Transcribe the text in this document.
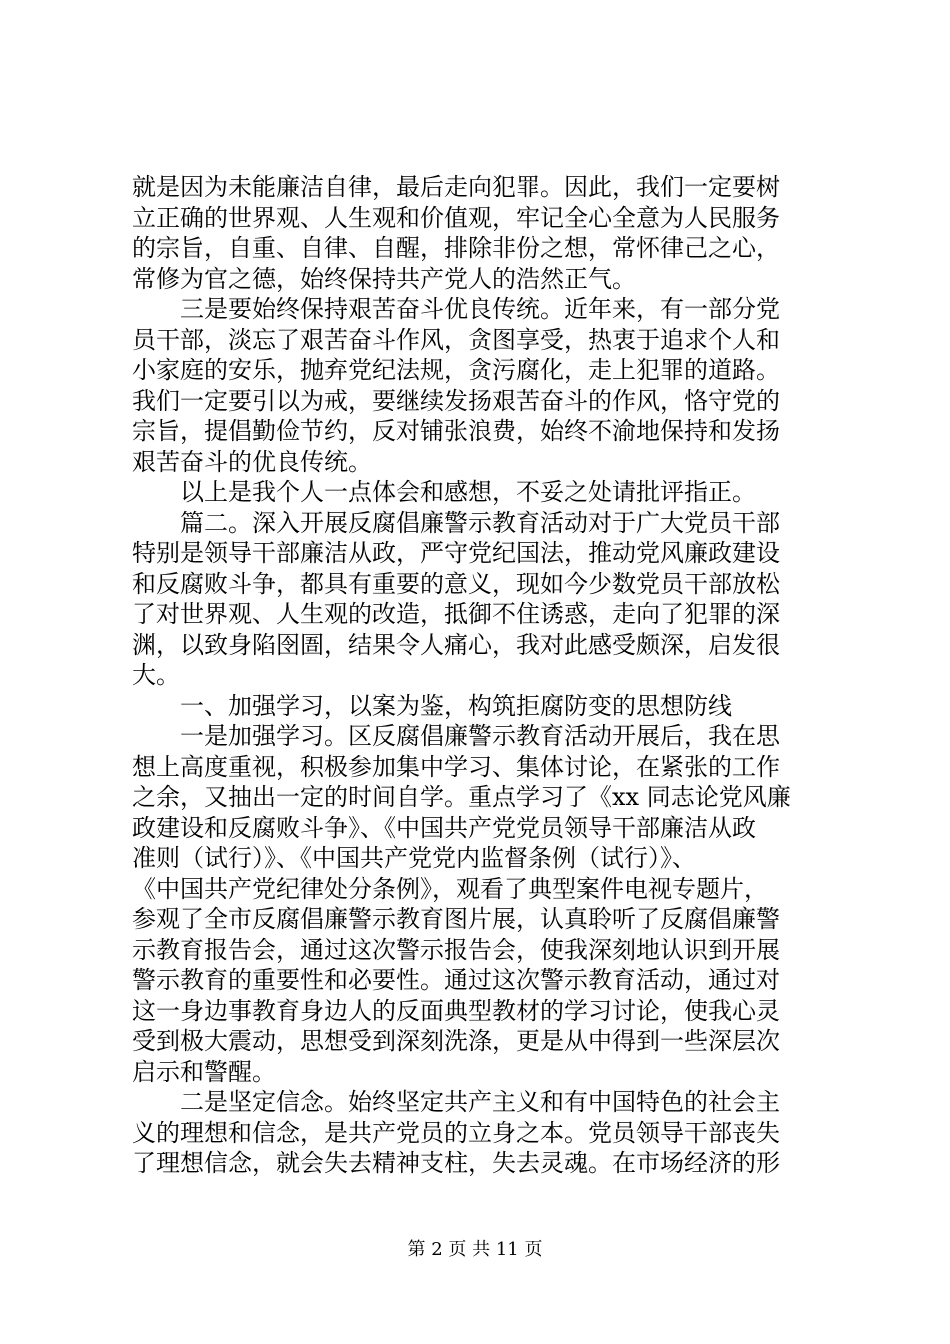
就是因为未能廉洁自律，最后走向犯罪。因此，我们一定要树
立正确的世界观、人生观和价值观，牢记全心全意为人民服务
的宗旨，自重、自律、自醒，排除非份之想，常怀律己之心，
常修为官之德，始终保持共产党人的浩然正气。
　　三是要始终保持艰苦奋斗优良传统。近年来，有一部分党
员干部，淡忘了艰苦奋斗作风，贪图享受，热衷于追求个人和
小家庭的安乐，抛弃党纪法规，贪污腐化，走上犯罪的道路。
我们一定要引以为戒，要继续发扬艰苦奋斗的作风，恪守党的
宗旨，提倡勤俭节约，反对铺张浪费，始终不渝地保持和发扬
艰苦奋斗的优良传统。
　　以上是我个人一点体会和感想，不妥之处请批评指正。
　　篇二。深入开展反腐倡廉警示教育活动对于广大党员干部
特别是领导干部廉洁从政，严守党纪国法，推动党风廉政建设
和反腐败斗争，都具有重要的意义，现如今少数党员干部放松
了对世界观、人生观的改造，抵御不住诱惑，走向了犯罪的深
渊，以致身陷囹圄，结果令人痛心，我对此感受颇深，启发很
大。
　　一、加强学习，以案为鉴，构筑拒腐防变的思想防线
　　一是加强学习。区反腐倡廉警示教育活动开展后，我在思
想上高度重视，积极参加集中学习、集体讨论，在紧张的工作
之余，又抽出一定的时间自学。重点学习了《xx 同志论党风廉
政建设和反腐败斗争》、《中国共产党党员领导干部廉洁从政
准则（试行）》、《中国共产党党内监督条例（试行）》、
《中国共产党纪律处分条例》，观看了典型案件电视专题片，
参观了全市反腐倡廉警示教育图片展，认真聆听了反腐倡廉警
示教育报告会，通过这次警示报告会，使我深刻地认识到开展
警示教育的重要性和必要性。通过这次警示教育活动，通过对
这一身边事教育身边人的反面典型教材的学习讨论，使我心灵
受到极大震动，思想受到深刻洗涤，更是从中得到一些深层次
启示和警醒。
　　二是坚定信念。始终坚定共产主义和有中国特色的社会主
义的理想和信念，是共产党员的立身之本。党员领导干部丧失
了理想信念，就会失去精神支柱，失去灵魂。在市场经济的形
第 2 页 共 11 页
